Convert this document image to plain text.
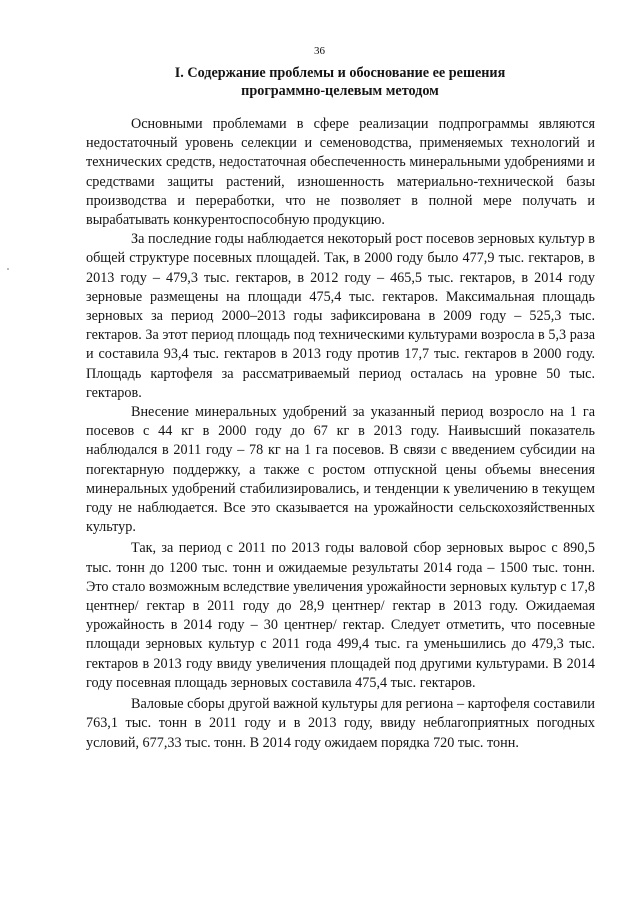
36
I. Содержание проблемы и обоснование ее решения
программно-целевым методом

Основными проблемами в сфере реализации подпрограммы являются недостаточный уровень селекции и семеноводства, применяемых технологий и технических средств, недостаточная обеспеченность минеральными удобрениями и средствами защиты растений, изношенность материально-технической базы производства и переработки, что не позволяет в полной мере получать и вырабатывать конкурентоспособную продукцию.

За последние годы наблюдается некоторый рост посевов зерновых культур в общей структуре посевных площадей. Так, в 2000 году было 477,9 тыс. гектаров, в 2013 году – 479,3 тыс. гектаров, в 2012 году – 465,5 тыс. гектаров, в 2014 году зерновые размещены на площади 475,4 тыс. гектаров. Максимальная площадь зерновых за период 2000–2013 годы зафиксирована в 2009 году – 525,3 тыс. гектаров. За этот период площадь под техническими культурами возросла в 5,3 раза и составила 93,4 тыс. гектаров в 2013 году против 17,7 тыс. гектаров в 2000 году. Площадь картофеля за рассматриваемый период осталась на уровне 50 тыс. гектаров.

Внесение минеральных удобрений за указанный период возросло на 1 га посевов с 44 кг в 2000 году до 67 кг в 2013 году. Наивысший показатель наблюдался в 2011 году – 78 кг на 1 га посевов. В связи с введением субсидии на погектарную поддержку, а также с ростом отпускной цены объемы внесения минеральных удобрений стабилизировались, и тенденции к увеличению в текущем году не наблюдается. Все это сказывается на урожайности сельскохозяйственных культур.

Так, за период с 2011 по 2013 годы валовой сбор зерновых вырос с 890,5 тыс. тонн до 1200 тыс. тонн и ожидаемые результаты 2014 года – 1500 тыс. тонн. Это стало возможным вследствие увеличения урожайности зерновых культур с 17,8 центнер/ гектар в 2011 году до 28,9 центнер/ гектар в 2013 году. Ожидаемая урожайность в 2014 году – 30 центнер/ гектар. Следует отметить, что посевные площади зерновых культур с 2011 года 499,4 тыс. га уменьшились до 479,3 тыс. гектаров в 2013 году ввиду увеличения площадей под другими культурами. В 2014 году посевная площадь зерновых составила 475,4 тыс. гектаров.

Валовые сборы другой важной культуры для региона – картофеля составили 763,1 тыс. тонн в 2011 году и в 2013 году, ввиду неблагоприятных погодных условий, 677,33 тыс. тонн. В 2014 году ожидаем порядка 720 тыс. тонн.
